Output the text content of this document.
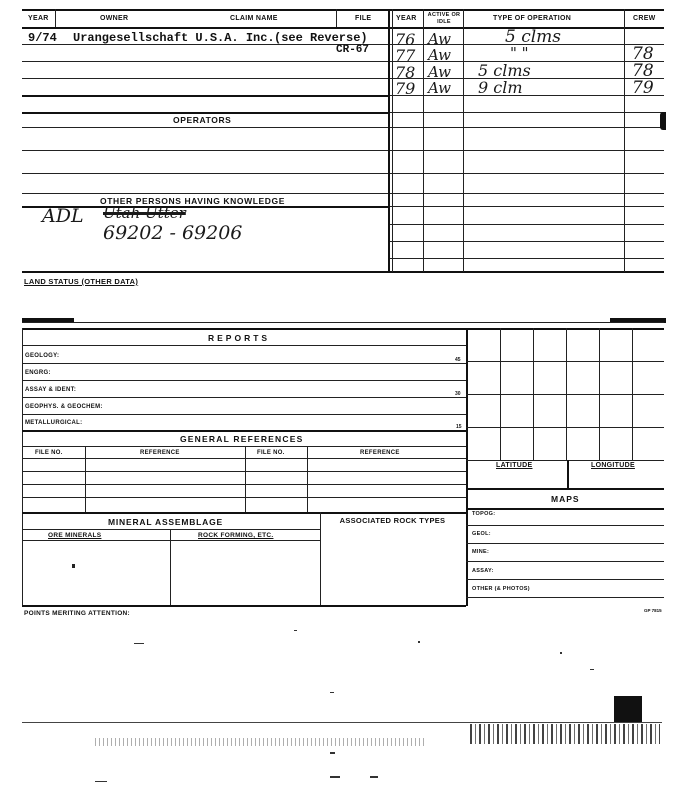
YEAR	OWNER	CLAIM NAME	FILE	YEAR ACTIVE OR IDLE	TYPE OF OPERATION	CREW
9/74 Urangesellschaft U.S.A. Inc. (see Reverse)
CR-67
76 Aw	5 clms
77 Aw	" "	78
78 Aw 5 clms	78
79 Aw 9 clm	79
OPERATORS
OTHER PERSONS HAVING KNOWLEDGE
ADL Utah Utter
69202 - 69206
LAND STATUS (OTHER DATA)
REPORTS
GEOLOGY:
45
ENGRG:
ASSAY & IDENT:
30
GEOPHYS. & GEOCHEM:
METALLURGICAL:
15
GENERAL REFERENCES
FILE NO.	REFERENCE	FILE NO.	REFERENCE
MINERAL ASSEMBLAGE	ASSOCIATED ROCK TYPES
ORE MINERALS	ROCK FORMING, ETC.
LATITUDE	LONGITUDE
MAPS
TOPOG:
GEOL:
MINE:
ASSAY:
OTHER (& PHOTOS)
POINTS MERITING ATTENTION:	GP 7815
